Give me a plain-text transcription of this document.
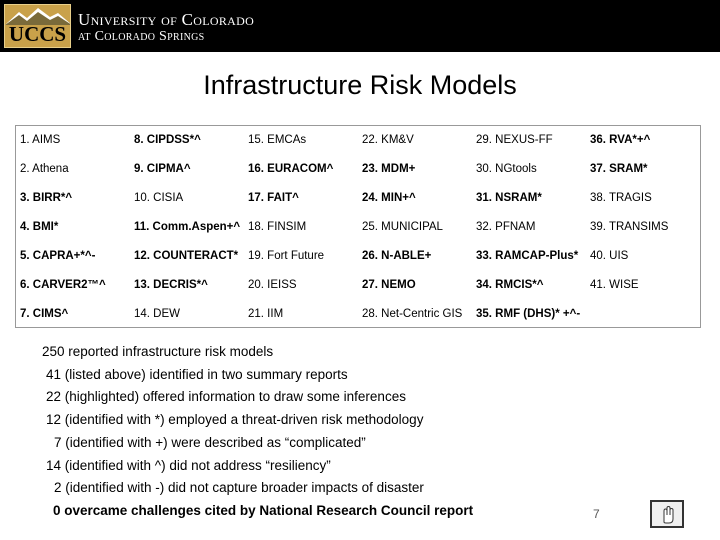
UCCS
University of Colorado
at Colorado Springs
Infrastructure Risk Models
1. AIMS
2. Athena
3. BIRR*^
4. BMI*
5. CAPRA+*^-
6. CARVER2™^
7. CIMS^
8. CIPDSS*^
9. CIPMA^
10. CISIA
11. Comm.Aspen+^
12. COUNTERACT*
13. DECRIS*^
14. DEW
15. EMCAs
16. EURACOM^
17. FAIT^
18. FINSIM
19. Fort Future
20. IEISS
21. IIM
22. KM&V
23. MDM+
24. MIN+^
25. MUNICIPAL
26. N-ABLE+
27. NEMO
28. Net-Centric GIS
29. NEXUS-FF
30. NGtools
31. NSRAM*
32. PFNAM
33. RAMCAP-Plus*
34. RMCIS*^
35. RMF (DHS)* +^-
36. RVA*+^
37. SRAM*
38. TRAGIS
39. TRANSIMS
40. UIS
41. WISE
250 reported infrastructure risk models
41 (listed above) identified in two summary reports
22 (highlighted) offered information to draw some inferences
12 (identified with *) employed a threat-driven risk methodology
7 (identified with +) were described as “complicated”
14 (identified with ^) did not address “resiliency”
2 (identified with -) did not capture broader impacts of disaster
0 overcame challenges cited by National Research Council report	7
